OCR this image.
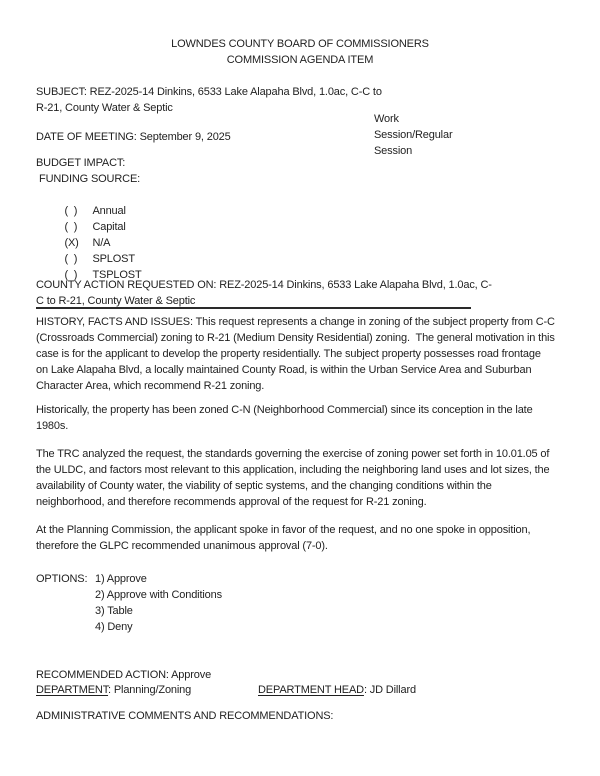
LOWNDES COUNTY BOARD OF COMMISSIONERS
COMMISSION AGENDA ITEM
SUBJECT: REZ-2025-14 Dinkins, 6533 Lake Alapaha Blvd, 1.0ac, C-C to
R-21, County Water & Septic
Work
Session/Regular
Session
DATE OF MEETING: September 9, 2025
BUDGET IMPACT:
FUNDING SOURCE:

(  ) Annual

(  ) Capital

(X) N/A

(  ) SPLOST

(  ) TSPLOST

COUNTY ACTION REQUESTED ON: REZ-2025-14 Dinkins, 6533 Lake Alapaha Blvd, 1.0ac, C-
C to R-21, County Water & Septic
HISTORY, FACTS AND ISSUES: This request represents a change in zoning of the subject property from C-C
(Crossroads Commercial) zoning to R-21 (Medium Density Residential) zoning.  The general motivation in this
case is for the applicant to develop the property residentially. The subject property possesses road frontage
on Lake Alapaha Blvd, a locally maintained County Road, is within the Urban Service Area and Suburban
Character Area, which recommend R-21 zoning.
Historically, the property has been zoned C-N (Neighborhood Commercial) since its conception in the late
1980s.
The TRC analyzed the request, the standards governing the exercise of zoning power set forth in 10.01.05 of
the ULDC, and factors most relevant to this application, including the neighboring land uses and lot sizes, the
availability of County water, the viability of septic systems, and the changing conditions within the
neighborhood, and therefore recommends approval of the request for R-21 zoning.
At the Planning Commission, the applicant spoke in favor of the request, and no one spoke in opposition,
therefore the GLPC recommended unanimous approval (7-0).
OPTIONS: 1) Approve
2) Approve with Conditions
3) Table
4) Deny
RECOMMENDED ACTION: Approve
DEPARTMENT: Planning/Zoning	DEPARTMENT HEAD: JD Dillard
ADMINISTRATIVE COMMENTS AND RECOMMENDATIONS:
